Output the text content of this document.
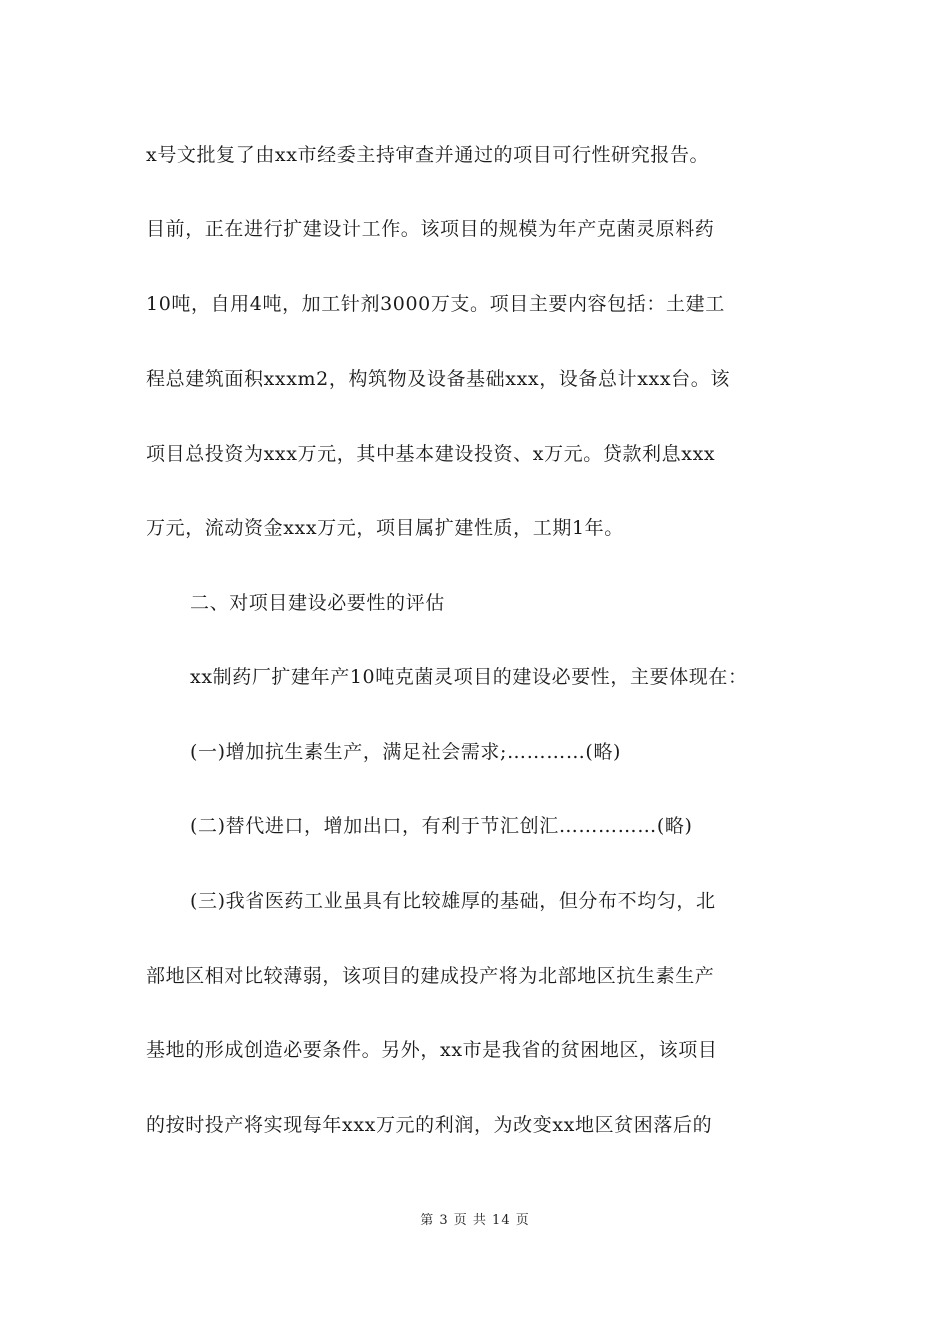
x号文批复了由xx市经委主持审查并通过的项目可行性研究报告。
目前，正在进行扩建设计工作。该项目的规模为年产克菌灵原料药
10吨，自用4吨，加工针剂3000万支。项目主要内容包括：土建工
程总建筑面积xxxm2，构筑物及设备基础xxx，设备总计xxx台。该
项目总投资为xxx万元，其中基本建设投资、x万元。贷款利息xxx
万元，流动资金xxx万元，项目属扩建性质，工期1年。
二、对项目建设必要性的评估
xx制药厂扩建年产10吨克菌灵项目的建设必要性，主要体现在：
(一)增加抗生素生产，满足社会需求;…………(略)
(二)替代进口，增加出口，有利于节汇创汇……………(略)
(三)我省医药工业虽具有比较雄厚的基础，但分布不均匀，北
部地区相对比较薄弱，该项目的建成投产将为北部地区抗生素生产
基地的形成创造必要条件。另外，xx市是我省的贫困地区，该项目
的按时投产将实现每年xxx万元的利润，为改变xx地区贫困落后的
第 3 页 共 14 页
